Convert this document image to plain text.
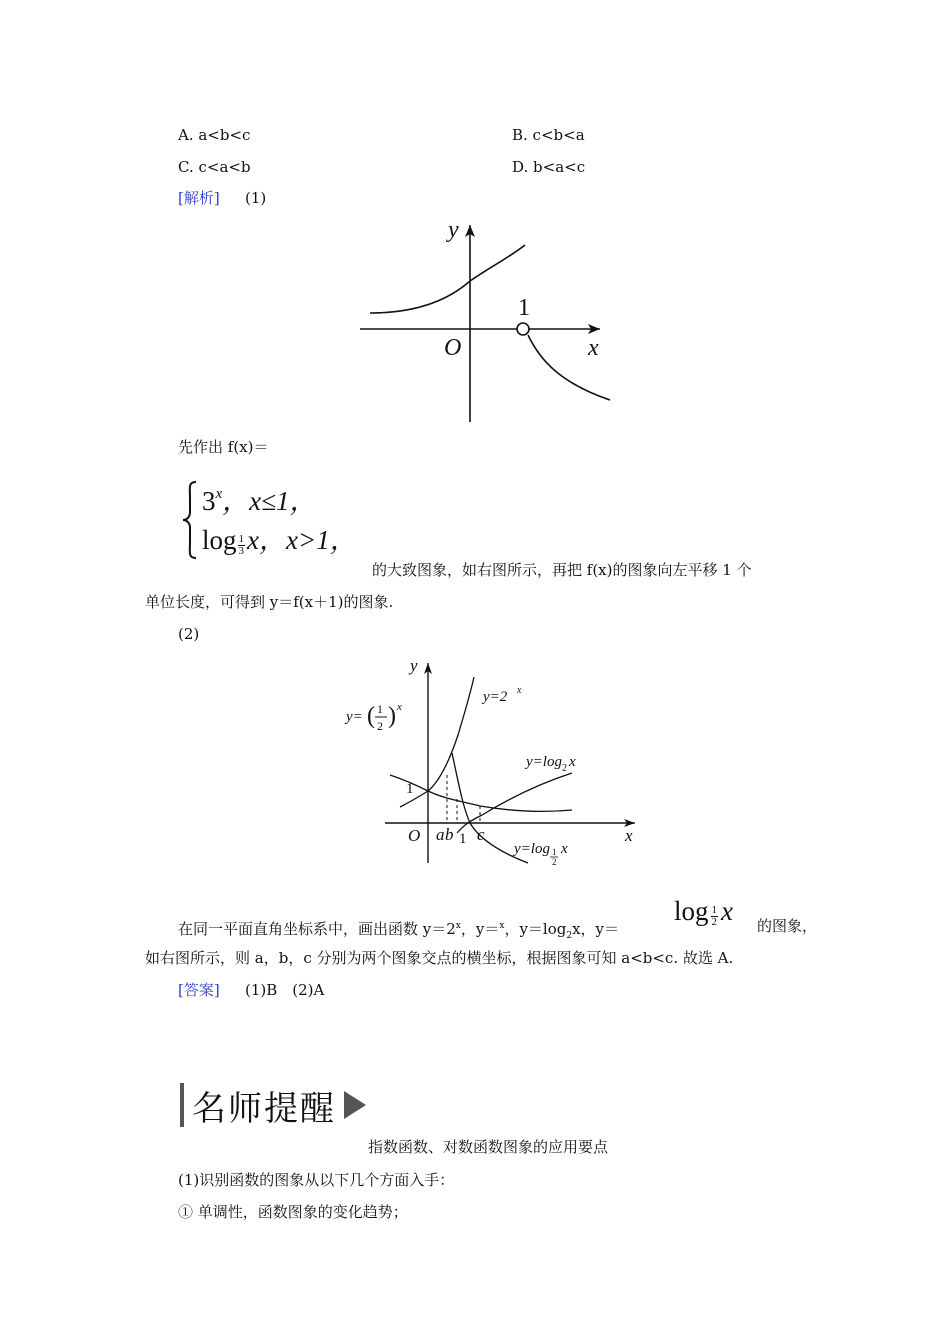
A. a<b<c	B. c<b<a
C. c<a<b	D. b<a<c
[解析] (1)
y
x
O
1
先作出 f(x)＝
$3^x$，x≤1，
$\log \frac{1}{3}$ x，x>1，
的大致图象，如右图所示，再把 f(x)的图象向左平移 1 个
单位长度，可得到 y＝f(x＋1)的图象.
(2)
y
x
O
1
1
a b c
y= ( 1
2 ) x
y=2 x
y=log 2 x
y=log 1
2
x
在同一平面直角坐标系中，画出函数 $y=2^x$，y＝$^x$，$y=\log_2x$，y＝
$\log \frac{1}{2}$ x
的图象，
如右图所示，则 a，b，c 分别为两个图象交点的横坐标，根据图象可知 a<b<c. 故选 A.
[答案] (1)B　(2)A
名师提醒
指数函数、对数函数图象的应用要点
(1)识别函数的图象从以下几个方面入手：
① 单调性，函数图象的变化趋势；
